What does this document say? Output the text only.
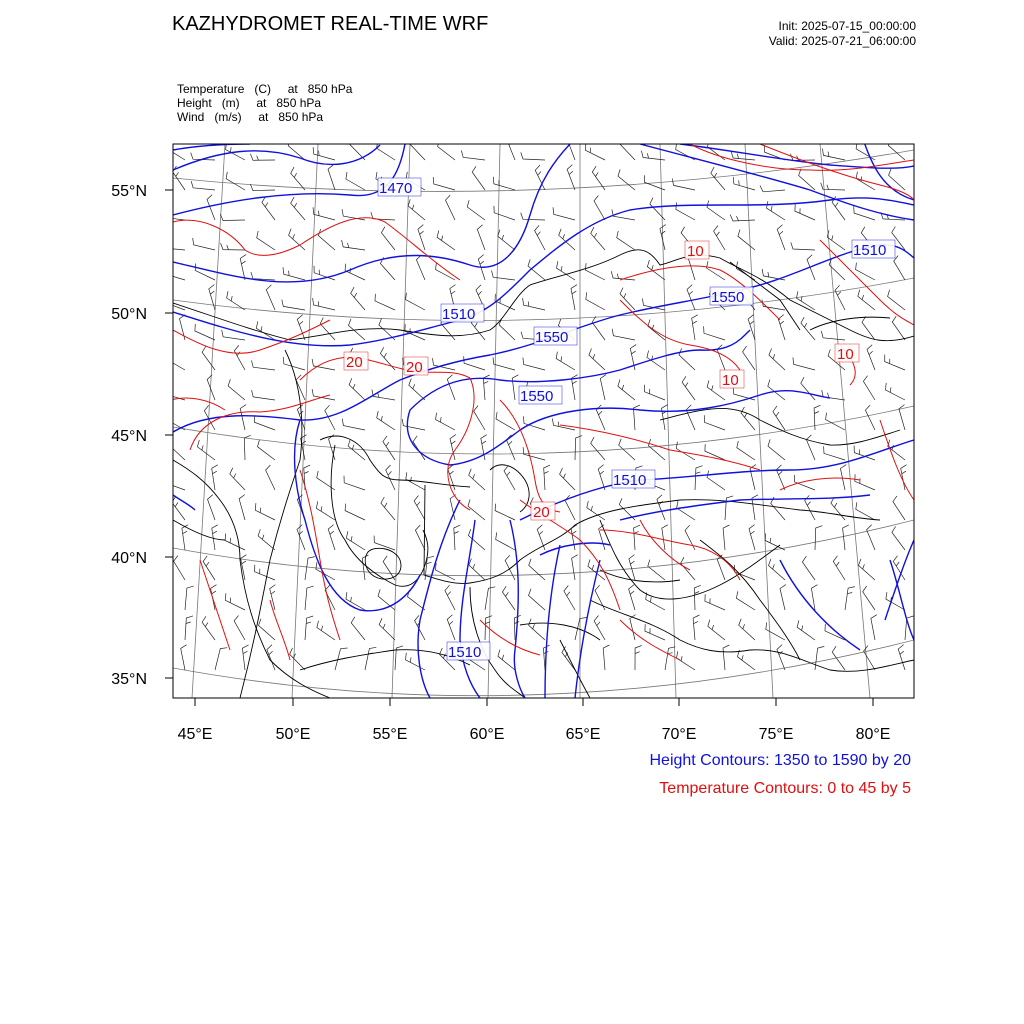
KAZHYDROMET REAL-TIME WRF	Init: 2025-07-15_00:00:00
Valid: 2025-07-21_06:00:00
Temperature   (C)     at   850 hPa
Height   (m)     at   850 hPa
Wind   (m/s)     at   850 hPa
1470
1510
1510
1550
1550
1550
1510
1510
10
10
10
20	20
20
55°N
50°N
45°N
40°N
35°N
45°E	50°E	55°E	60°E	65°E	70°E	75°E	80°E
Height Contours: 1350 to 1590 by 20
Temperature Contours: 0 to 45 by 5
